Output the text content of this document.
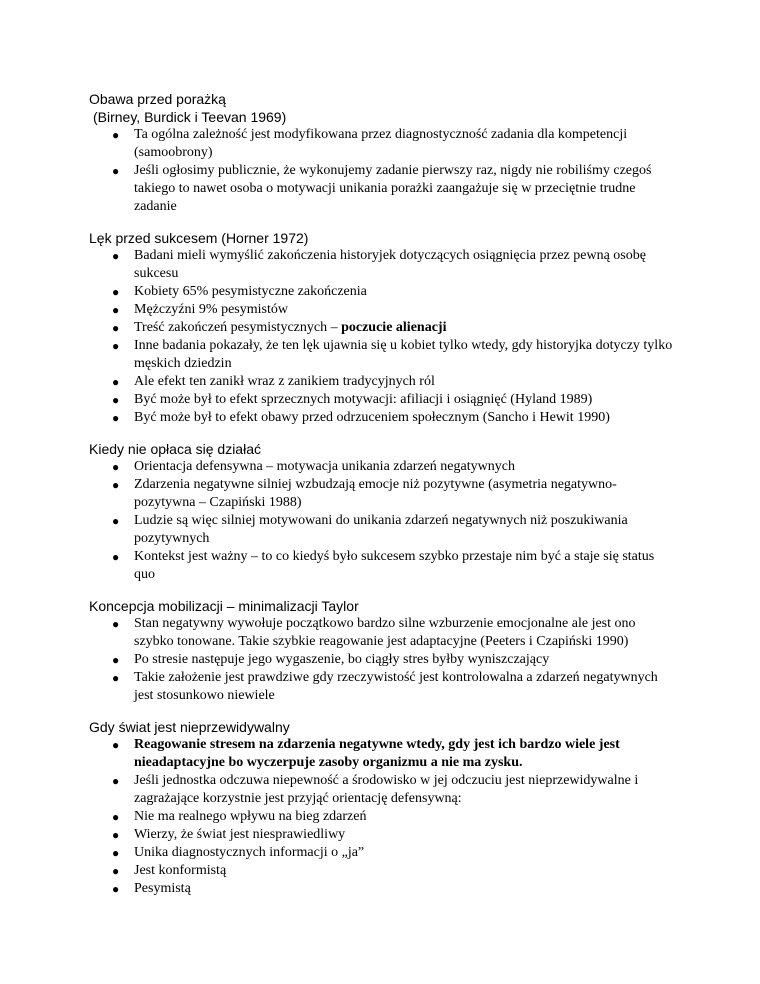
Obawa przed porażką
(Birney, Burdick i Teevan 1969)
● Ta ogólna zależność jest modyfikowana przez diagnostyczność zadania dla kompetencji (samoobrony)
● Jeśli ogłosimy publicznie, że wykonujemy zadanie pierwszy raz, nigdy nie robiliśmy czegoś takiego to nawet osoba o motywacji unikania porażki zaangażuje się w przeciętnie trudne zadanie
Lęk przed sukcesem (Horner 1972)
● Badani mieli wymyślić zakończenia historyjek dotyczących osiągnięcia przez pewną osobę sukcesu
● Kobiety 65% pesymistyczne zakończenia
● Mężczyźni 9% pesymistów
● Treść zakończeń pesymistycznych – poczucie alienacji
● Inne badania pokazały, że ten lęk ujawnia się u kobiet tylko wtedy, gdy historyjka dotyczy tylko męskich dziedzin
● Ale efekt ten zanikł wraz z zanikiem tradycyjnych ról
● Być może był to efekt sprzecznych motywacji: afiliacji i osiągnięć (Hyland 1989)
● Być może był to efekt obawy przed odrzuceniem społecznym (Sancho i Hewit 1990)
Kiedy nie opłaca się działać
● Orientacja defensywna – motywacja unikania zdarzeń negatywnych
● Zdarzenia negatywne silniej wzbudzają emocje niż pozytywne (asymetria negatywno-pozytywna – Czapiński 1988)
● Ludzie są więc silniej motywowani do unikania zdarzeń negatywnych niż poszukiwania pozytywnych
● Kontekst jest ważny – to co kiedyś było sukcesem szybko przestaje nim być a staje się status quo
Koncepcja mobilizacji – minimalizacji Taylor
● Stan negatywny wywołuje początkowo bardzo silne wzburzenie emocjonalne ale jest ono szybko tonowane. Takie szybkie reagowanie jest adaptacyjne (Peeters i Czapiński 1990)
● Po stresie następuje jego wygaszenie, bo ciągły stres byłby wyniszczający
● Takie założenie jest prawdziwe gdy rzeczywistość jest kontrolowalna a zdarzeń negatywnych jest stosunkowo niewiele
Gdy świat jest nieprzewidywalny
● Reagowanie stresem na zdarzenia negatywne wtedy, gdy jest ich bardzo wiele jest nieadaptacyjne bo wyczerpuje zasoby organizmu a nie ma zysku.
● Jeśli jednostka odczuwa niepewność a środowisko w jej odczuciu jest nieprzewidywalne i zagrażające korzystnie jest przyjąć orientację defensywną:
● Nie ma realnego wpływu na bieg zdarzeń
● Wierzy, że świat jest niesprawiedliwy
● Unika diagnostycznych informacji o „ja”
● Jest konformistą
● Pesymistą
